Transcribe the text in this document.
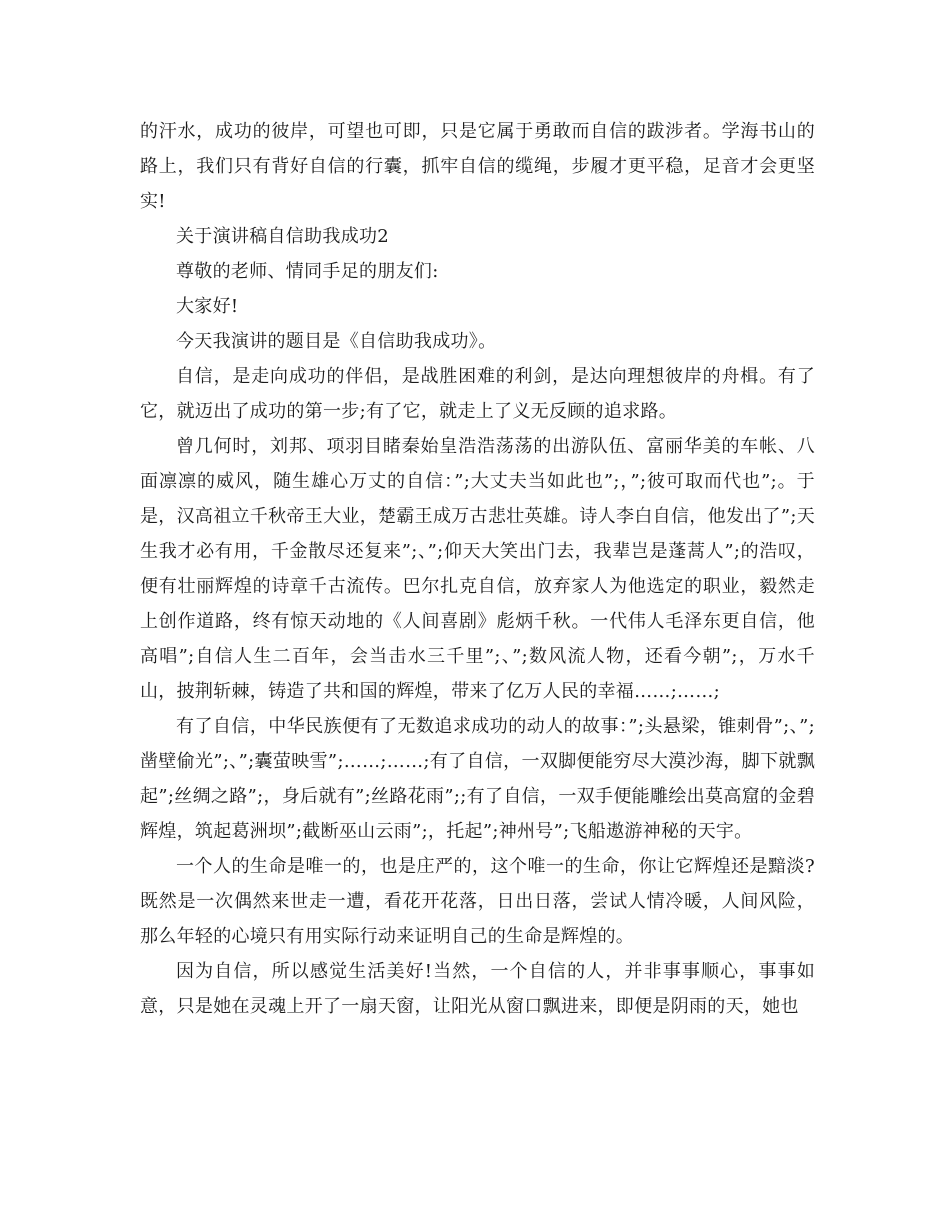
的汗水，成功的彼岸，可望也可即，只是它属于勇敢而自信的跋涉者。学海书山的路上，我们只有背好自信的行囊，抓牢自信的缆绳，步履才更平稳，足音才会更坚实!

关于演讲稿自信助我成功2

尊敬的老师、情同手足的朋友们:

大家好!

今天我演讲的题目是《自信助我成功》。

自信，是走向成功的伴侣，是战胜困难的利剑，是达向理想彼岸的舟楫。有了它，就迈出了成功的第一步;有了它，就走上了义无反顾的追求路。

曾几何时，刘邦、项羽目睹秦始皇浩浩荡荡的出游队伍、富丽华美的车帐、八面凛凛的威风，随生雄心万丈的自信：”;大丈夫当如此也”;，”;彼可取而代也”;。于是，汉高祖立千秋帝王大业，楚霸王成万古悲壮英雄。诗人李白自信，他发出了”;天生我才必有用，千金散尽还复来”;、”;仰天大笑出门去，我辈岂是蓬蒿人”;的浩叹，便有壮丽辉煌的诗章千古流传。巴尔扎克自信，放弃家人为他选定的职业，毅然走上创作道路，终有惊天动地的《人间喜剧》彪炳千秋。一代伟人毛泽东更自信，他高唱”;自信人生二百年，会当击水三千里”;、”;数风流人物，还看今朝”;，万水千山，披荆斩棘，铸造了共和国的辉煌，带来了亿万人民的幸福……;……;

有了自信，中华民族便有了无数追求成功的动人的故事：”;头悬梁，锥刺骨”;、”;凿壁偷光”;、”;囊萤映雪”;……;……;有了自信，一双脚便能穷尽大漠沙海，脚下就飘起”;丝绸之路”;，身后就有”;丝路花雨”;;有了自信，一双手便能雕绘出莫高窟的金碧辉煌，筑起葛洲坝”;截断巫山云雨”;，托起”;神州号”;飞船遨游神秘的天宇。

一个人的生命是唯一的，也是庄严的，这个唯一的生命，你让它辉煌还是黯淡?既然是一次偶然来世走一遭，看花开花落，日出日落，尝试人情冷暖，人间风险，那么年轻的心境只有用实际行动来证明自己的生命是辉煌的。

因为自信，所以感觉生活美好!当然，一个自信的人，并非事事顺心，事事如意，只是她在灵魂上开了一扇天窗，让阳光从窗口飘进来，即便是阴雨的天，她也
